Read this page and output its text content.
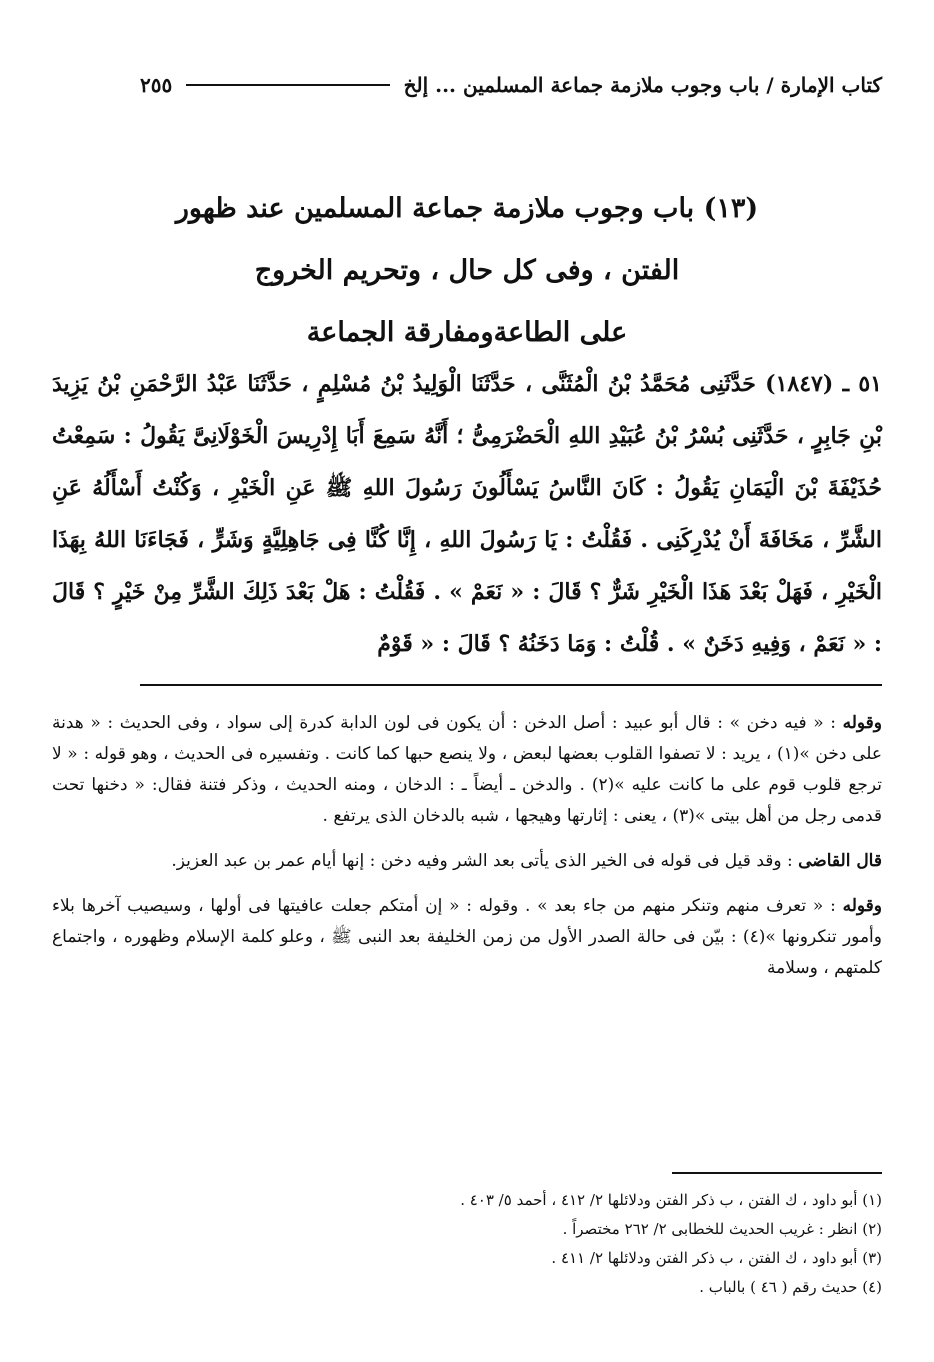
كتاب الإمارة / باب وجوب ملازمة جماعة المسلمين ... إلخ
٢٥٥
(١٣) باب وجوب ملازمة جماعة المسلمين عند ظهور
الفتن ، وفى كل حال ، وتحريم الخروج
على الطاعةومفارقة الجماعة
٥١ ـ (١٨٤٧) حَدَّثَنِى مُحَمَّدُ بْنُ الْمُثَنَّى ، حَدَّثَنَا الْوَلِيدُ بْنُ مُسْلِمٍ ، حَدَّثَنَا عَبْدُ الرَّحْمَنِ بْنُ يَزِيدَ بْنِ جَابِرٍ ، حَدَّثَنِى بُسْرُ بْنُ عُبَيْدِ اللهِ الْحَضْرَمِىُّ ؛ أَنَّهُ سَمِعَ أَبَا إِدْرِيسَ الْخَوْلَانِىَّ يَقُولُ : سَمِعْتُ حُذَيْفَةَ بْنَ الْيَمَانِ يَقُولُ : كَانَ النَّاسُ يَسْأَلُونَ رَسُولَ اللهِ ﷺ عَنِ الْخَيْرِ ، وَكُنْتُ أَسْأَلُهُ عَنِ الشَّرِّ ، مَخَافَةَ أَنْ يُدْرِكَنِى . فَقُلْتُ : يَا رَسُولَ اللهِ ، إِنَّا كُنَّا فِى جَاهِلِيَّةٍ وَشَرٍّ ، فَجَاءَنَا اللهُ بِهَذَا الْخَيْرِ ، فَهَلْ بَعْدَ هَذَا الْخَيْرِ شَرٌّ ؟ قَالَ : « نَعَمْ » . فَقُلْتُ : هَلْ بَعْدَ ذَلِكَ الشَّرِّ مِنْ خَيْرٍ ؟ قَالَ : « نَعَمْ ، وَفِيهِ دَخَنٌ » . قُلْتُ : وَمَا دَخَنُهُ ؟ قَالَ : « قَوْمٌ

وقوله : « فيه دخن » : قال أبو عبيد : أصل الدخن : أن يكون فى لون الدابة كدرة إلى سواد ، وفى الحديث : « هدنة على دخن »(١) ، يريد : لا تصفوا القلوب بعضها لبعض ، ولا ينصع حبها كما كانت . وتفسيره فى الحديث ، وهو قوله : « لا ترجع قلوب قوم على ما كانت عليه »(٢) . والدخن ـ أيضاً ـ : الدخان ، ومنه الحديث ، وذكر فتنة فقال: « دخنها تحت قدمى رجل من أهل بيتى »(٣) ، يعنى : إثارتها وهيجها ، شبه بالدخان الذى يرتفع .

قال القاضى : وقد قيل فى قوله فى الخير الذى يأتى بعد الشر وفيه دخن : إنها أيام عمر بن عبد العزيز.

وقوله : « تعرف منهم وتنكر منهم من جاء بعد » . وقوله : « إن أمتكم جعلت عافيتها فى أولها ، وسيصيب آخرها بلاء وأمور تنكرونها »(٤) : بيّن فى حالة الصدر الأول من زمن الخليفة بعد النبى ﷺ ، وعلو كلمة الإسلام وظهوره ، واجتماع كلمتهم ، وسلامة

(١) أبو داود ، ك الفتن ، ب ذكر الفتن ودلائلها ٢/ ٤١٢ ، أحمد ٥/ ٤٠٣ .
(٢) انظر : غريب الحديث للخطابى ٢/ ٢٦٢ مختصراً .
(٣) أبو داود ، ك الفتن ، ب ذكر الفتن ودلائلها ٢/ ٤١١ .
(٤) حديث رقم ( ٤٦ ) بالباب .
